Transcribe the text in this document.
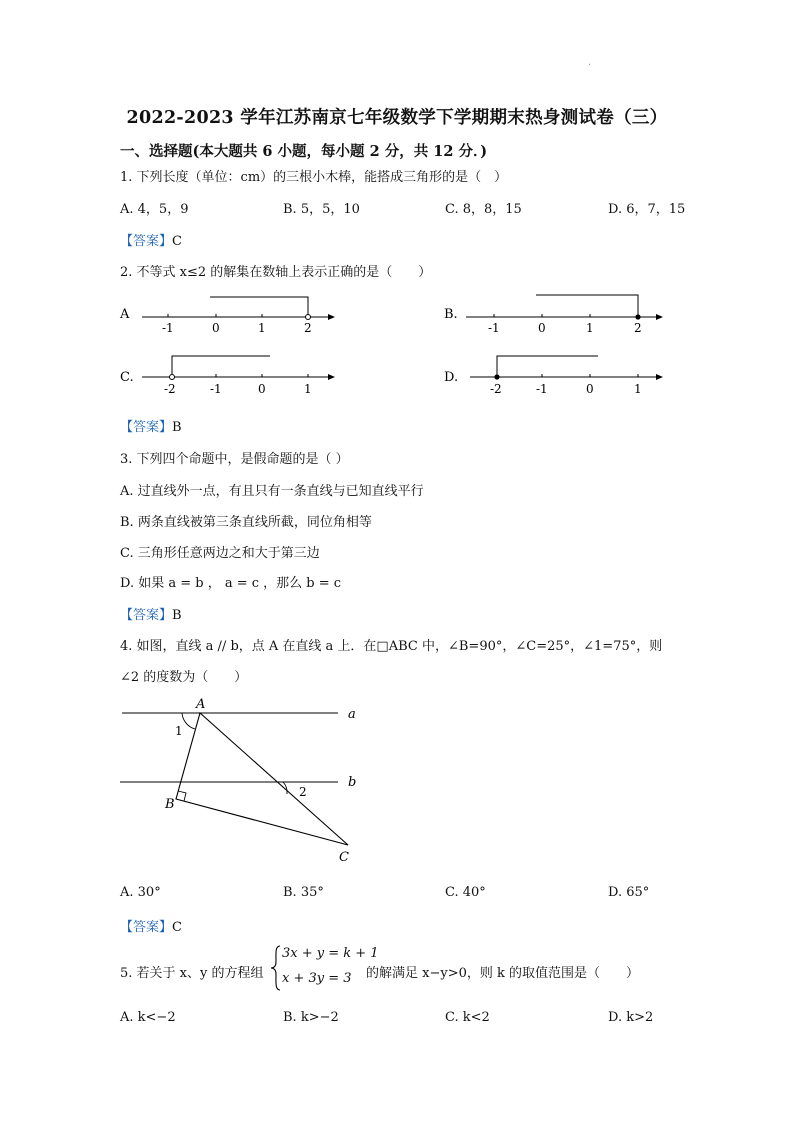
·
2022-2023 学年江苏南京七年级数学下学期期末热身测试卷（三）
一、选择题(本大题共 6 小题，每小题 2 分，共 12 分．)
1. 下列长度（单位：cm）的三根小木棒，能搭成三角形的是（　）
A. 4，5，9	B. 5，5，10	C. 8，8，15	D. 6，7，15
【答案】C
2. 不等式 x≤2 的解集在数轴上表示正确的是（　　）
A
-1	0	1	2
B.
-1	0	1	2
C.
-2	-1	0	1
D.
-2	-1	0	1
【答案】B
3. 下列四个命题中，是假命题的是（ ）
A. 过直线外一点，有且只有一条直线与已知直线平行
B. 两条直线被第三条直线所截，同位角相等
C. 三角形任意两边之和大于第三边
D. 如果 a = b ， a = c ，那么 b = c
【答案】B
4. 如图，直线 a // b，点 A 在直线 a 上．在□ABC 中，∠B=90°，∠C=25°，∠1=75°，则
∠2 的度数为（　　）
A
B
C
a
b
1
2
A. 30°	B. 35°	C. 40°	D. 65°
【答案】C
5. 若关于 x、y 的方程组
3x + y = k + 1
x + 3y = 3 的解满足 x−y>0，则 k 的取值范围是（　　）
A. k<−2	B. k>−2	C. k<2	D. k>2
